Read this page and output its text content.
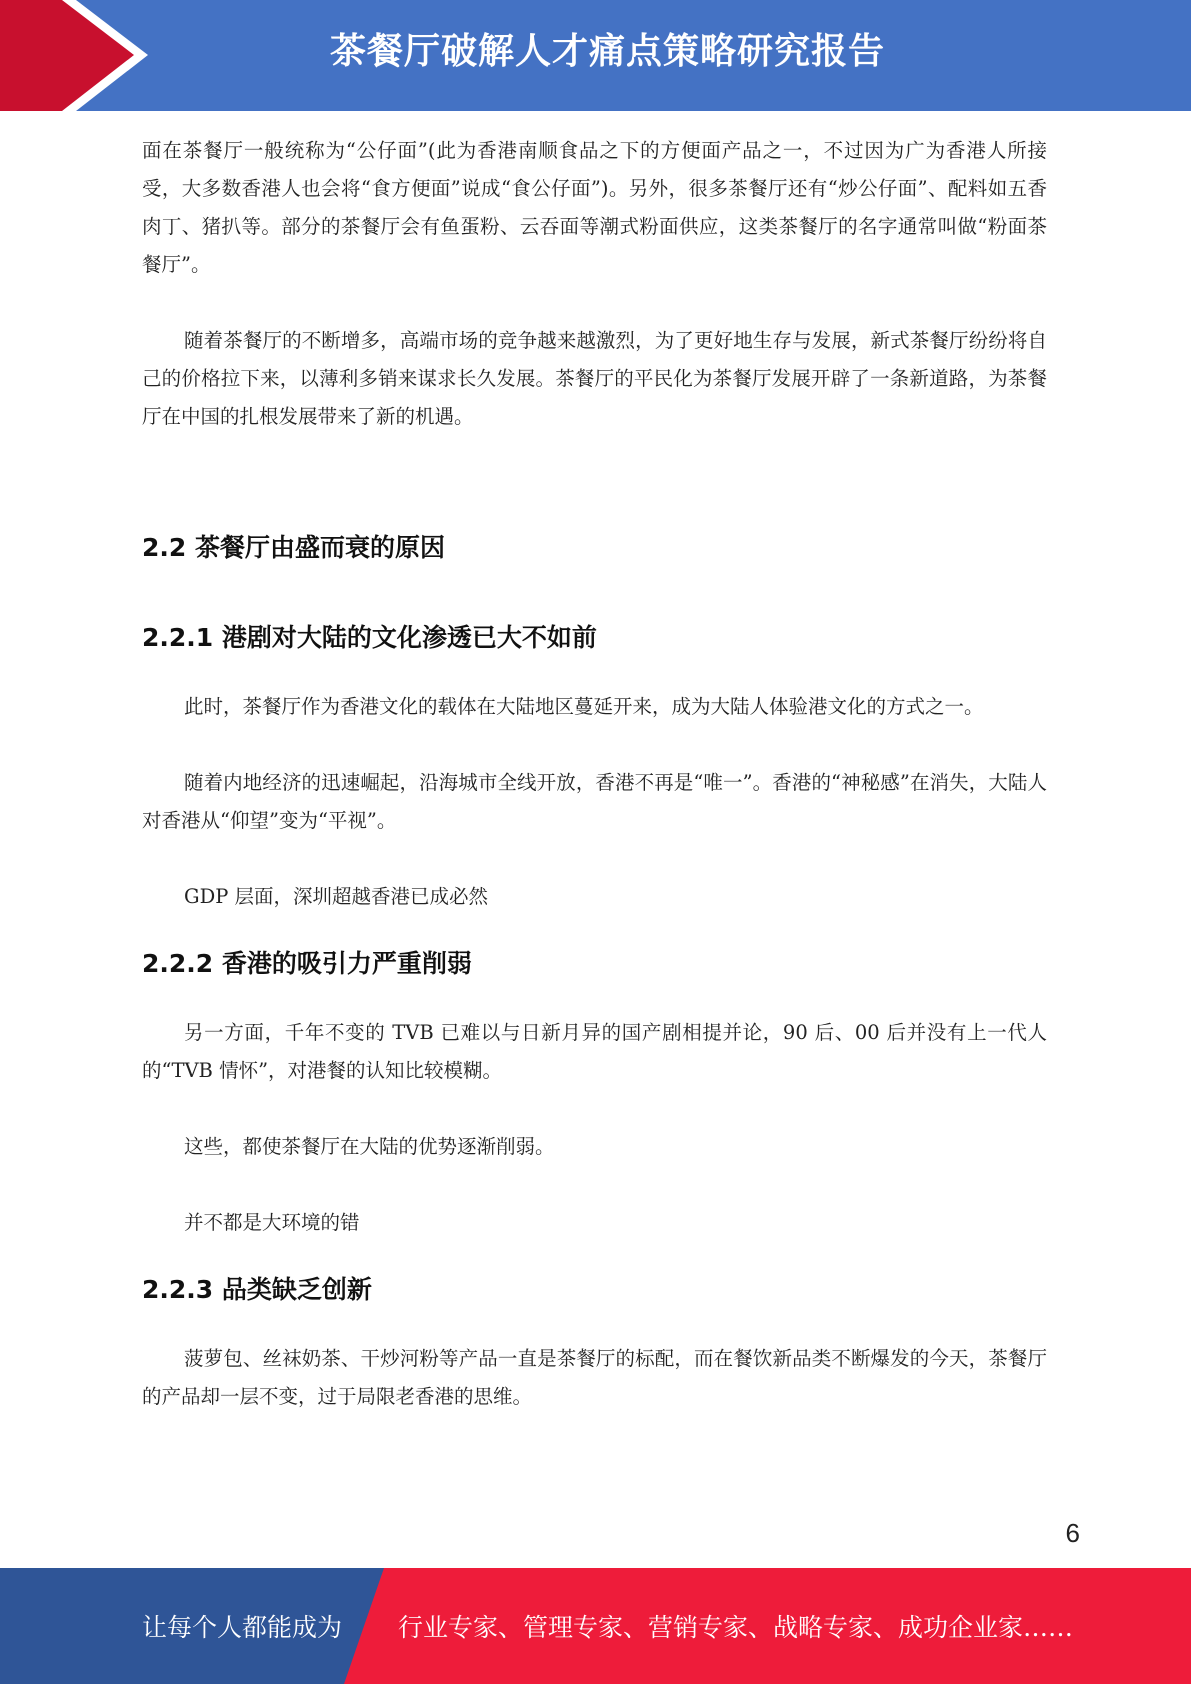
茶餐厅破解人才痛点策略研究报告

面在茶餐厅一般统称为“公仔面”(此为香港南顺食品之下的方便面产品之一，不过因为广为香港人所接受，大多数香港人也会将“食方便面”说成“食公仔面”)。另外，很多茶餐厅还有“炒公仔面”、配料如五香肉丁、猪扒等。部分的茶餐厅会有鱼蛋粉、云吞面等潮式粉面供应，这类茶餐厅的名字通常叫做“粉面茶餐厅”。

随着茶餐厅的不断增多，高端市场的竞争越来越激烈，为了更好地生存与发展，新式茶餐厅纷纷将自己的价格拉下来，以薄利多销来谋求长久发展。茶餐厅的平民化为茶餐厅发展开辟了一条新道路，为茶餐厅在中国的扎根发展带来了新的机遇。

2.2 茶餐厅由盛而衰的原因
2.2.1 港剧对大陆的文化渗透已大不如前

此时，茶餐厅作为香港文化的载体在大陆地区蔓延开来，成为大陆人体验港文化的方式之一。

随着内地经济的迅速崛起，沿海城市全线开放，香港不再是“唯一”。香港的“神秘感”在消失，大陆人对香港从“仰望”变为“平视”。

GDP 层面，深圳超越香港已成必然

2.2.2 香港的吸引力严重削弱

另一方面，千年不变的 TVB 已难以与日新月异的国产剧相提并论，90 后、00 后并没有上一代人的“TVB 情怀”，对港餐的认知比较模糊。

这些，都使茶餐厅在大陆的优势逐渐削弱。

并不都是大环境的错

2.2.3 品类缺乏创新

菠萝包、丝袜奶茶、干炒河粉等产品一直是茶餐厅的标配，而在餐饮新品类不断爆发的今天，茶餐厅的产品却一层不变，过于局限老香港的思维。

6
让每个人都能成为 行业专家、管理专家、营销专家、战略专家、成功企业家……
